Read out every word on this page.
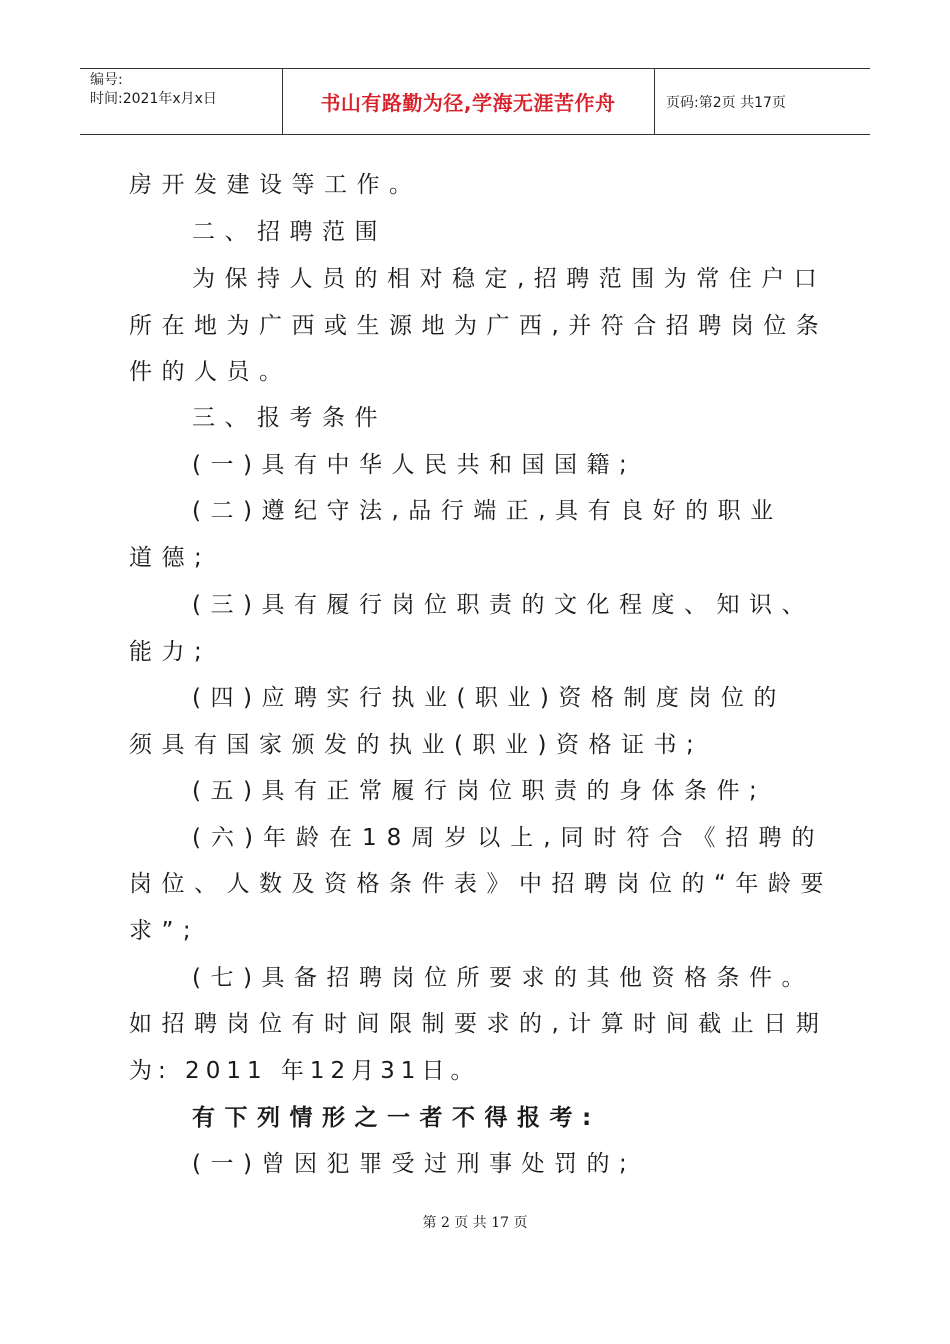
编号:
时间:2021年x月x日	书山有路勤为径,学海无涯苦作舟	页码:第2页 共17页
房开发建设等工作。
二、招聘范围
为保持人员的相对稳定,招聘范围为常住户口
所在地为广西或生源地为广西,并符合招聘岗位条
件的人员。
三、报考条件
(一)具有中华人民共和国国籍;
(二)遵纪守法,品行端正,具有良好的职业
道德;
(三)具有履行岗位职责的文化程度、知识、
能力;
(四)应聘实行执业(职业)资格制度岗位的
须具有国家颁发的执业(职业)资格证书;
(五)具有正常履行岗位职责的身体条件;
(六)年龄在18周岁以上,同时符合《招聘的
岗位、人数及资格条件表》中招聘岗位的“年龄要
求”;
(七)具备招聘岗位所要求的其他资格条件。
如招聘岗位有时间限制要求的,计算时间截止日期
为: 2011 年12月31日。
有下列情形之一者不得报考:
(一)曾因犯罪受过刑事处罚的;
第 2 页 共 17 页
